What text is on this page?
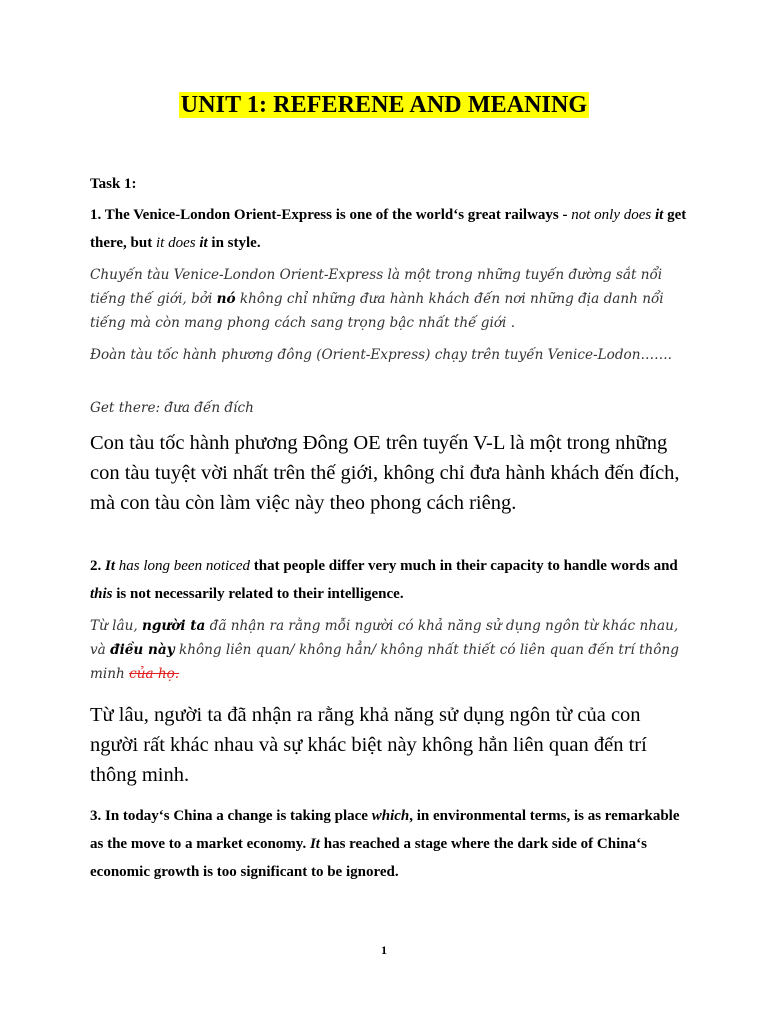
UNIT 1: REFERENE AND MEANING
Task 1:
1. The Venice-London Orient-Express is one of the world‘s great railways - not only does it get there, but it does it in style.
Chuyến tàu Venice-London Orient-Express là một trong những tuyến đường sắt nổi tiếng thế giới, bởi nó không chỉ những đưa hành khách đến nơi những địa danh nổi tiếng mà còn mang phong cách sang trọng bậc nhất thế giới .
Đoàn tàu tốc hành phương đông (Orient-Express) chạy trên tuyến Venice-Lodon…….
Get there: đưa đến đích
Con tàu tốc hành phương Đông OE trên tuyến V-L là một trong những con tàu tuyệt vời nhất trên thế giới, không chỉ đưa hành khách đến đích, mà con tàu còn làm việc này theo phong cách riêng.
2. It has long been noticed that people differ very much in their capacity to handle words and this is not necessarily related to their intelligence.
Từ lâu, người ta đã nhận ra rằng mỗi người có khả năng sử dụng ngôn từ khác nhau, và điều này không liên quan/ không hẳn/ không nhất thiết có liên quan đến trí thông minh của họ.
Từ lâu, người ta đã nhận ra rằng khả năng sử dụng ngôn từ của con người rất khác nhau và sự khác biệt này không hẳn liên quan đến trí thông minh.
3. In today‘s China a change is taking place which, in environmental terms, is as remarkable as the move to a market economy. It has reached a stage where the dark side of China‘s economic growth is too significant to be ignored.
1
